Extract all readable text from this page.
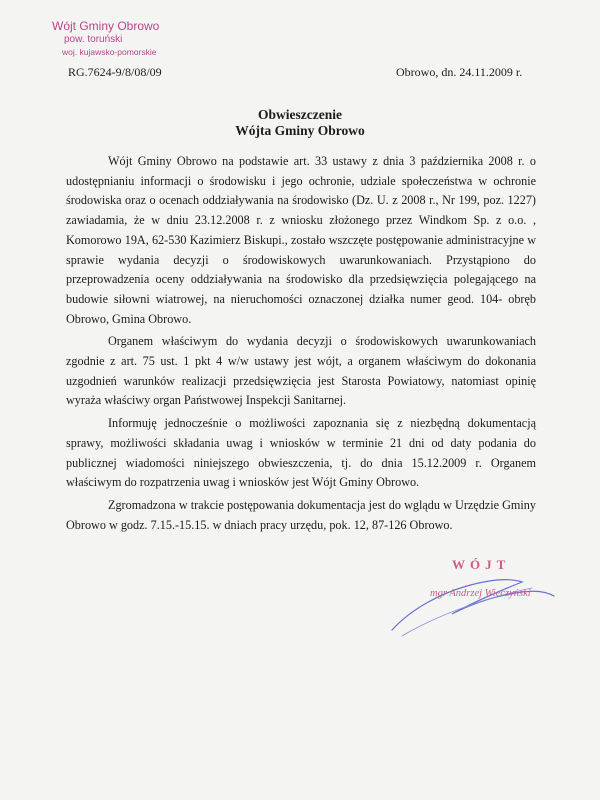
Wójt Gminy Obrowo
pow. toruński
woj. kujawsko-pomorskie
RG.7624-9/8/08/09	Obrowo, dn. 24.11.2009 r.
Obwieszczenie
Wójta Gminy Obrowo

Wójt Gminy Obrowo na podstawie art. 33 ustawy z dnia 3 października 2008 r. o udostępnianiu informacji o środowisku i jego ochronie, udziale społeczeństwa w ochronie środowiska oraz o ocenach oddziaływania na środowisko (Dz. U. z 2008 r., Nr 199, poz. 1227) zawiadamia, że w dniu 23.12.2008 r. z wniosku złożonego przez Windkom Sp. z o.o. , Komorowo 19A, 62-530 Kazimierz Biskupi., zostało wszczęte postępowanie administracyjne w sprawie wydania decyzji o środowiskowych uwarunkowaniach. Przystąpiono do przeprowadzenia oceny oddziaływania na środowisko dla przedsięwzięcia polegającego na budowie siłowni wiatrowej, na nieruchomości oznaczonej działka numer geod. 104- obręb Obrowo, Gmina Obrowo.

Organem właściwym do wydania decyzji o środowiskowych uwarunkowaniach zgodnie z art. 75 ust. 1 pkt 4 w/w ustawy jest wójt, a organem właściwym do dokonania uzgodnień warunków realizacji przedsięwzięcia jest Starosta Powiatowy, natomiast opinię wyraża właściwy organ Państwowej Inspekcji Sanitarnej.

Informuję jednocześnie o możliwości zapoznania się z niezbędną dokumentacją sprawy, możliwości składania uwag i wniosków w terminie 21 dni od daty podania do publicznej wiadomości niniejszego obwieszczenia, tj. do dnia 15.12.2009 r. Organem właściwym do rozpatrzenia uwag i wniosków jest Wójt Gminy Obrowo.

Zgromadzona w trakcie postępowania dokumentacja jest do wglądu w Urzędzie Gminy Obrowo w godz. 7.15.-15.15. w dniach pracy urzędu, pok. 12, 87-126 Obrowo.

WÓJT
mgr Andrzej Wieczyński
